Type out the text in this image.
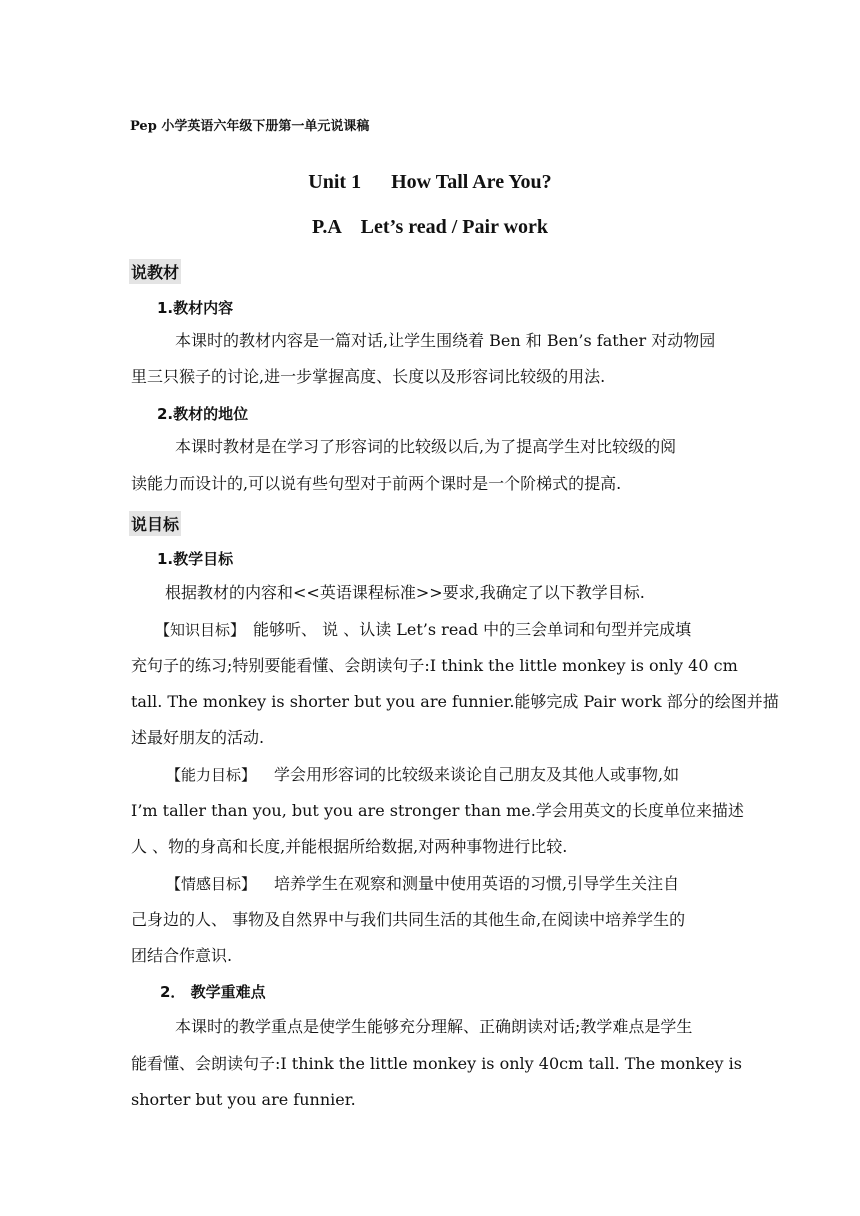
Pep 小学英语六年级下册第一单元说课稿
Unit 1      How Tall Are You?
P.A    Let’s read / Pair work
说教材
1.教材内容
本课时的教材内容是一篇对话,让学生围绕着 Ben 和 Ben’s father 对动物园
里三只猴子的讨论,进一步掌握高度、长度以及形容词比较级的用法.
2.教材的地位
本课时教材是在学习了形容词的比较级以后,为了提高学生对比较级的阅
读能力而设计的,可以说有些句型对于前两个课时是一个阶梯式的提高.
说目标
1.教学目标
根据教材的内容和<<英语课程标准>>要求,我确定了以下教学目标.
【知识目标】 能够听、 说 、认读 Let’s read 中的三会单词和句型并完成填
充句子的练习;特别要能看懂、会朗读句子:I think the little monkey is only 40 cm
tall. The monkey is shorter but you are funnier.能够完成 Pair work 部分的绘图并描
述最好朋友的活动.
【能力目标】 学会用形容词的比较级来谈论自己朋友及其他人或事物,如
I’m taller than you, but you are stronger than me.学会用英文的长度单位来描述
人 、物的身高和长度,并能根据所给数据,对两种事物进行比较.
【情感目标】 培养学生在观察和测量中使用英语的习惯,引导学生关注自
己身边的人、 事物及自然界中与我们共同生活的其他生命,在阅读中培养学生的
团结合作意识.
2． 教学重难点
本课时的教学重点是使学生能够充分理解、正确朗读对话;教学难点是学生
能看懂、会朗读句子:I think the little monkey is only 40cm tall. The monkey is
shorter but you are funnier.
